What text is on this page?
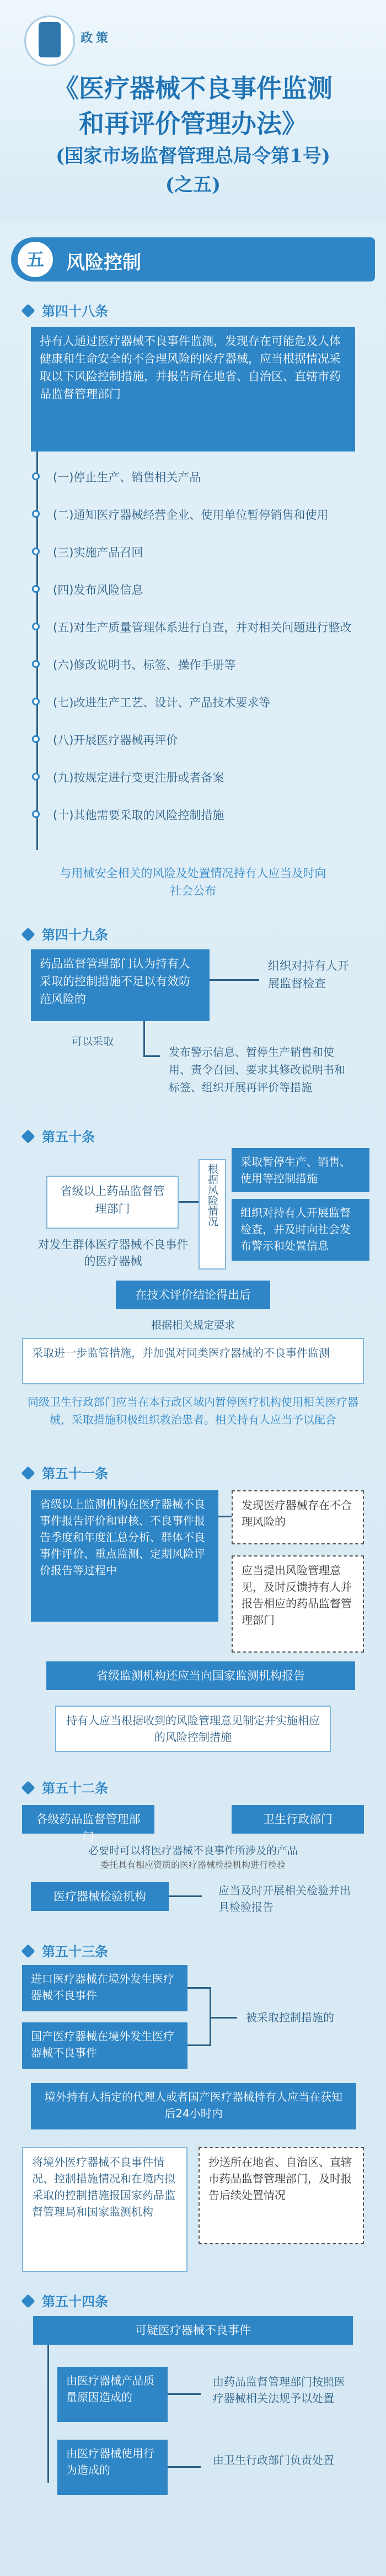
政策
《医疗器械不良事件监测
和再评价管理办法》
(国家市场监督管理总局令第1号)
(之五)
五	风险控制
第四十八条
持有人通过医疗器械不良事件监测，发现存在可能危及人体健康和生命安全的不合理风险的医疗器械，应当根据情况采取以下风险控制措施，并报告所在地省、自治区、直辖市药品监督管理部门
(一)停止生产、销售相关产品
(二)通知医疗器械经营企业、使用单位暂停销售和使用
(三)实施产品召回
(四)发布风险信息
(五)对生产质量管理体系进行自查，并对相关问题进行整改
(六)修改说明书、标签、操作手册等
(七)改进生产工艺、设计、产品技术要求等
(八)开展医疗器械再评价
(九)按规定进行变更注册或者备案
(十)其他需要采取的风险控制措施
与用械安全相关的风险及处置情况持有人应当及时向社会公布
第四十九条
药品监督管理部门认为持有人采取的控制措施不足以有效防范风险的
组织对持有人开展监督检查
可以采取
发布警示信息、暂停生产销售和使用、责令召回、要求其修改说明书和标签、组织开展再评价等措施
第五十条
省级以上药品监督管理部门
对发生群体医疗器械不良事件的医疗器械
根据风险情况
采取暂停生产、销售、使用等控制措施
组织对持有人开展监督检查，并及时向社会发布警示和处置信息
在技术评价结论得出后
根据相关规定要求
采取进一步监管措施，并加强对同类医疗器械的不良事件监测
同级卫生行政部门应当在本行政区域内暂停医疗机构使用相关医疗器械，采取措施积极组织救治患者。相关持有人应当予以配合
第五十一条
省级以上监测机构在医疗器械不良事件报告评价和审核、不良事件报告季度和年度汇总分析、群体不良事件评价、重点监测、定期风险评价报告等过程中
发现医疗器械存在不合理风险的
应当提出风险管理意见，及时反馈持有人并报告相应的药品监督管理部门
省级监测机构还应当向国家监测机构报告
持有人应当根据收到的风险管理意见制定并实施相应的风险控制措施
第五十二条
各级药品监督管理部门
卫生行政部门
必要时可以将医疗器械不良事件所涉及的产品
委托具有相应资质的医疗器械检验机构进行检验
医疗器械检验机构	应当及时开展相关检验并出具检验报告
第五十三条
进口医疗器械在境外发生医疗器械不良事件
国产医疗器械在境外发生医疗器械不良事件
被采取控制措施的
境外持有人指定的代理人或者国产医疗器械持有人应当在获知后24小时内
将境外医疗器械不良事件情况、控制措施情况和在境内拟采取的控制措施报国家药品监督管理局和国家监测机构
抄送所在地省、自治区、直辖市药品监督管理部门，及时报告后续处置情况
第五十四条
可疑医疗器械不良事件
由医疗器械产品质量原因造成的
由医疗器械使用行为造成的
由药品监督管理部门按照医疗器械相关法规予以处置
由卫生行政部门负责处置
